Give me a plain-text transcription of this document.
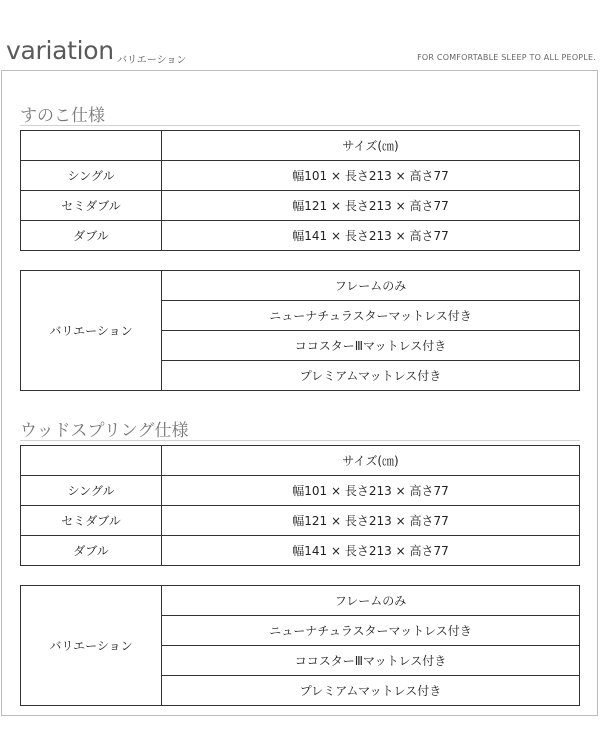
variation バリエーション	FOR COMFORTABLE SLEEP TO ALL PEOPLE.
すのこ仕様
	サイズ(㎝)
シングル	幅101 × 長さ213 × 高さ77
セミダブル	幅121 × 長さ213 × 高さ77
ダブル	幅141 × 長さ213 × 高さ77
バリエーション	フレームのみ
ニューナチュラスターマットレス付き
ココスターⅢマットレス付き
プレミアムマットレス付き
ウッドスプリング仕様
	サイズ(㎝)
シングル	幅101 × 長さ213 × 高さ77
セミダブル	幅121 × 長さ213 × 高さ77
ダブル	幅141 × 長さ213 × 高さ77
バリエーション	フレームのみ
ニューナチュラスターマットレス付き
ココスターⅢマットレス付き
プレミアムマットレス付き
